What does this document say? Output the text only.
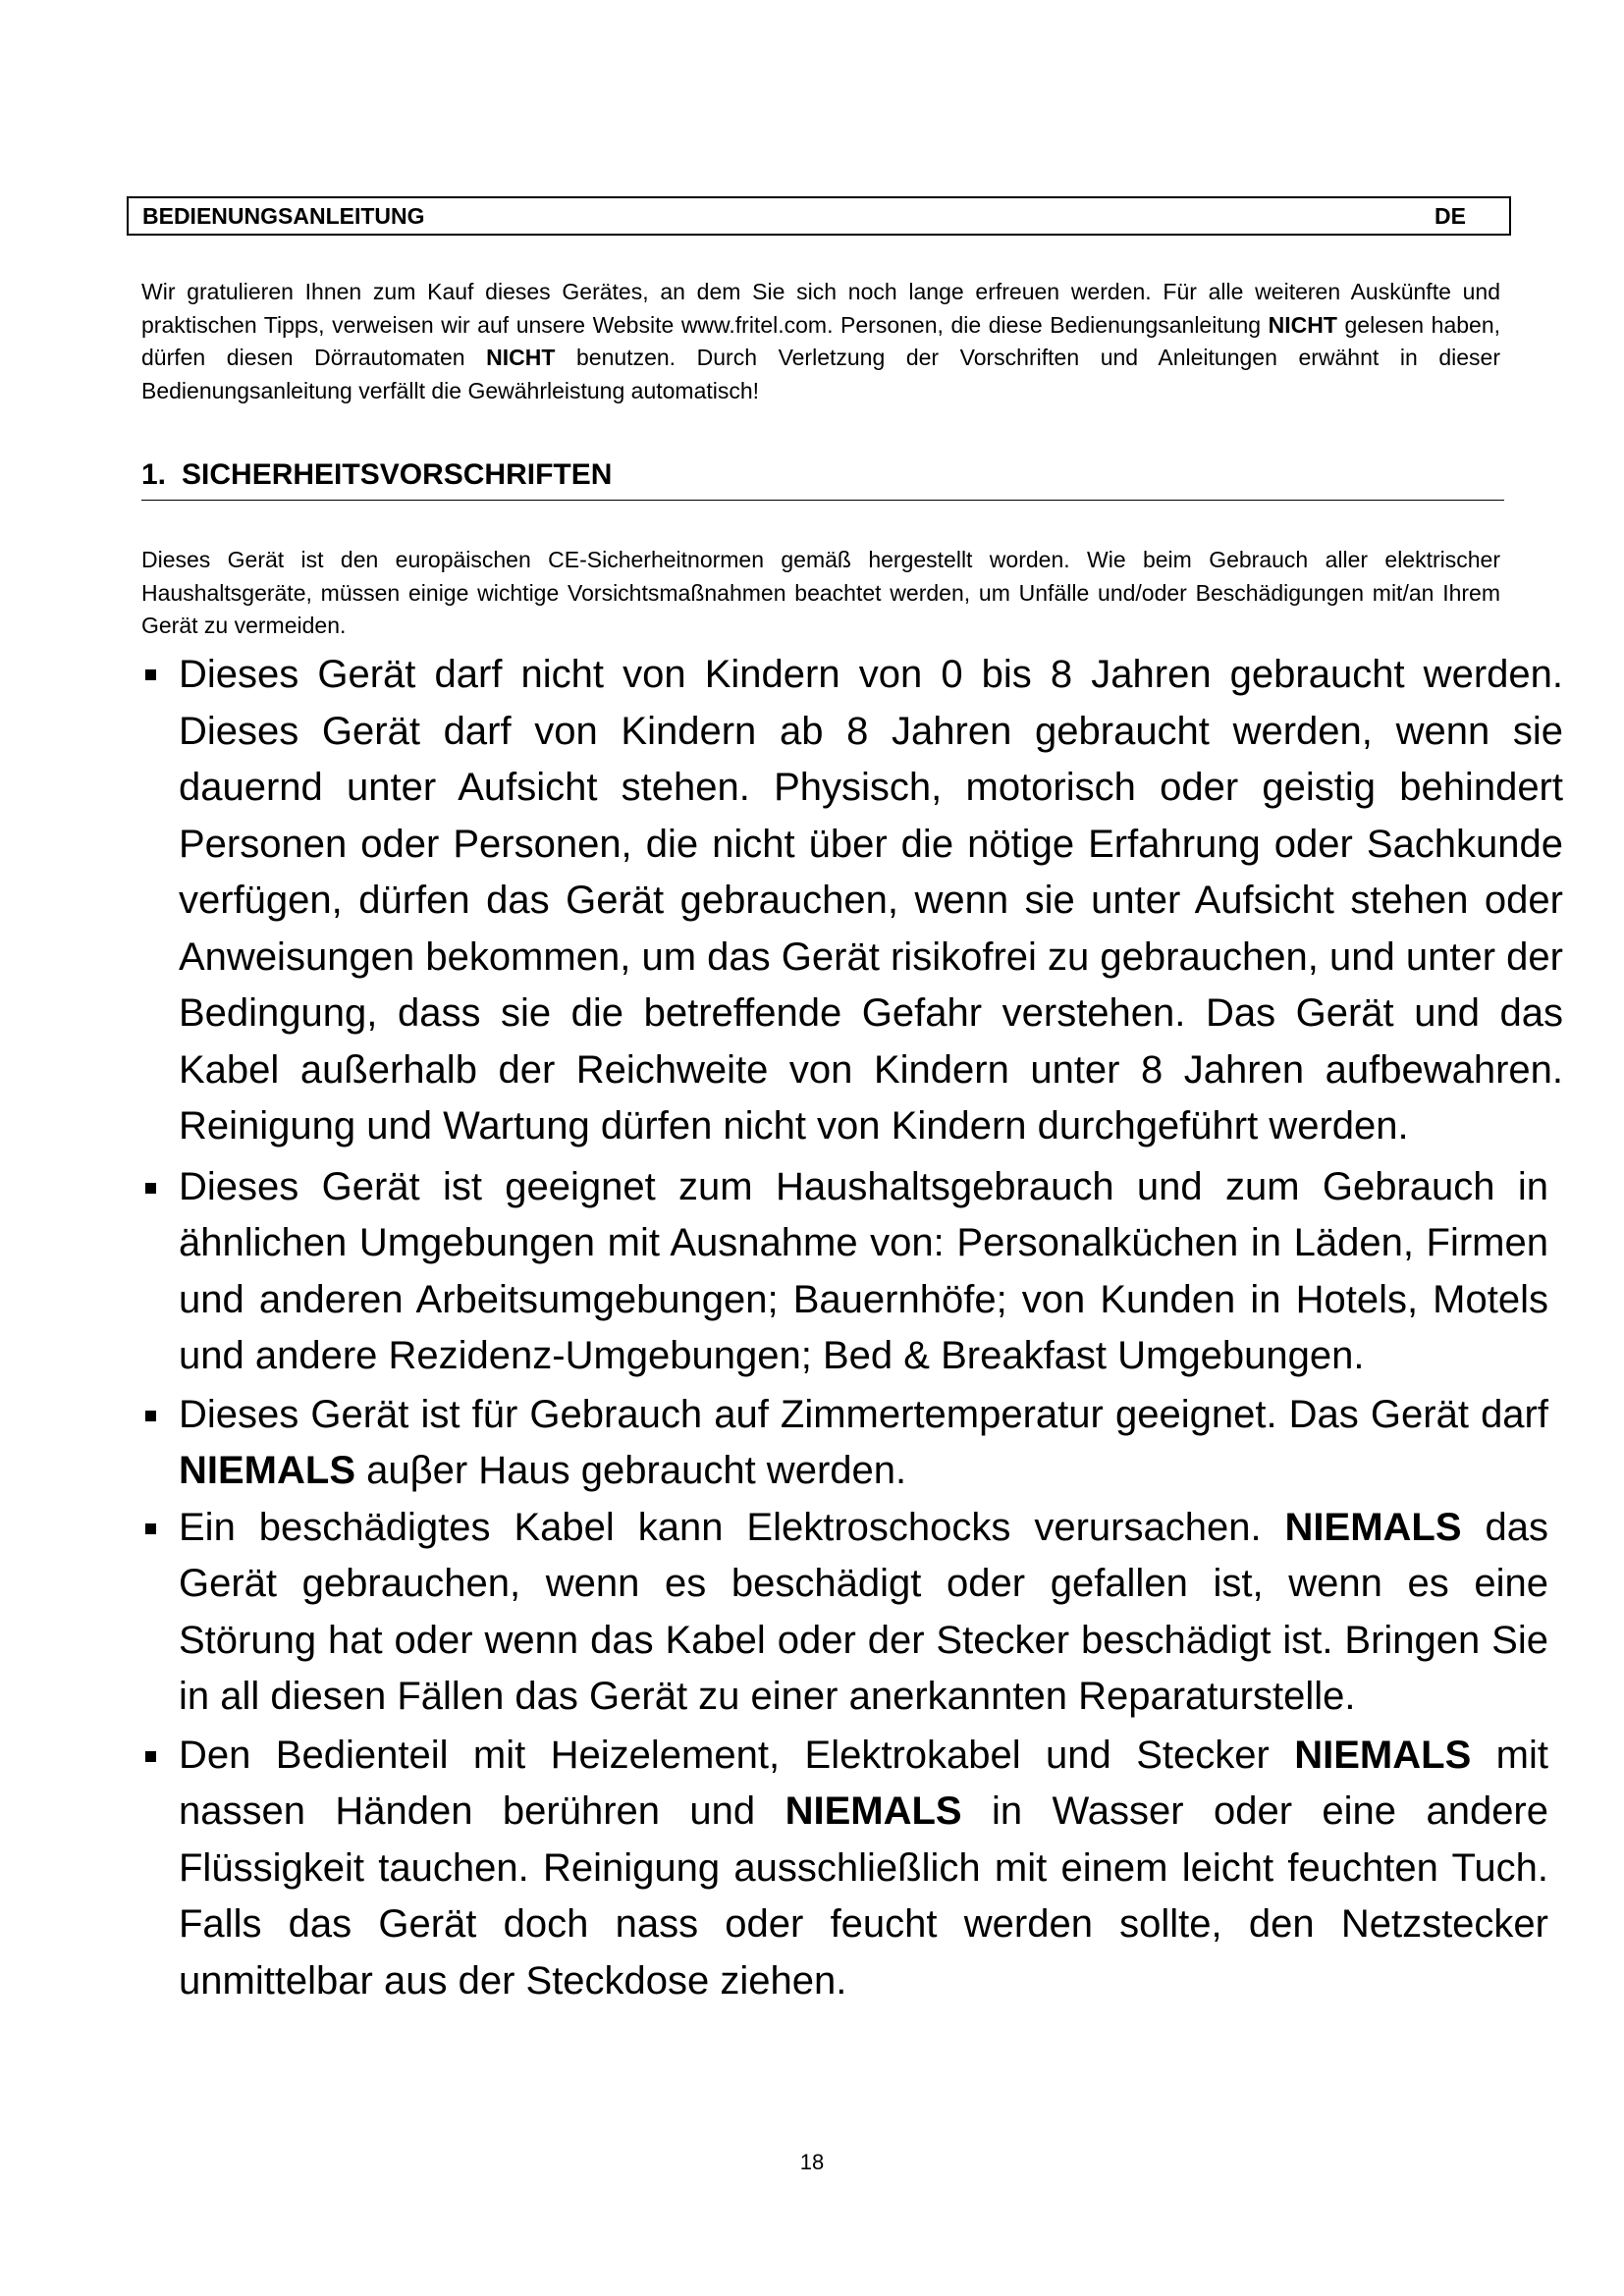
BEDIENUNGSANLEITUNG	DE

Wir gratulieren Ihnen zum Kauf dieses Gerätes, an dem Sie sich noch lange erfreuen werden. Für alle weiteren Auskünfte und praktischen Tipps, verweisen wir auf unsere Website www.fritel.com. Personen, die diese Bedienungsanleitung NICHT gelesen haben, dürfen diesen Dörrautomaten NICHT benutzen. Durch Verletzung der Vorschriften und Anleitungen erwähnt in dieser Bedienungsanleitung verfällt die Gewährleistung automatisch!

1. SICHERHEITSVORSCHRIFTEN

Dieses Gerät ist den europäischen CE-Sicherheitnormen gemäß hergestellt worden. Wie beim Gebrauch aller elektrischer Haushaltsgeräte, müssen einige wichtige Vorsichtsmaßnahmen beachtet werden, um Unfälle und/oder Beschädigungen mit/an Ihrem Gerät zu vermeiden.

Dieses Gerät darf nicht von Kindern von 0 bis 8 Jahren gebraucht werden. Dieses Gerät darf von Kindern ab 8 Jahren gebraucht werden, wenn sie dauernd unter Aufsicht stehen. Physisch, motorisch oder geistig behindert Personen oder Personen, die nicht über die nötige Erfahrung oder Sachkunde verfügen, dürfen das Gerät gebrauchen, wenn sie unter Aufsicht stehen oder Anweisungen bekommen, um das Gerät risikofrei zu gebrauchen, und unter der Bedingung, dass sie die betreffende Gefahr verstehen. Das Gerät und das Kabel außerhalb der Reichweite von Kindern unter 8 Jahren aufbewahren. Reinigung und Wartung dürfen nicht von Kindern durchgeführt werden.
Dieses Gerät ist geeignet zum Haushaltsgebrauch und zum Gebrauch in ähnlichen Umgebungen mit Ausnahme von: Personalküchen in Läden, Firmen und anderen Arbeitsumgebungen; Bauernhöfe; von Kunden in Hotels, Motels und andere Rezidenz-Umgebungen; Bed & Breakfast Umgebungen.
Dieses Gerät ist für Gebrauch auf Zimmertemperatur geeignet. Das Gerät darf NIEMALS auβer Haus gebraucht werden.
Ein beschädigtes Kabel kann Elektroschocks verursachen. NIEMALS das Gerät gebrauchen, wenn es beschädigt oder gefallen ist, wenn es eine Störung hat oder wenn das Kabel oder der Stecker beschädigt ist. Bringen Sie in all diesen Fällen das Gerät zu einer anerkannten Reparaturstelle.
Den Bedienteil mit Heizelement, Elektrokabel und Stecker NIEMALS mit nassen Händen berühren und NIEMALS in Wasser oder eine andere Flüssigkeit tauchen. Reinigung ausschließlich mit einem leicht feuchten Tuch. Falls das Gerät doch nass oder feucht werden sollte, den Netzstecker unmittelbar aus der Steckdose ziehen.
18
